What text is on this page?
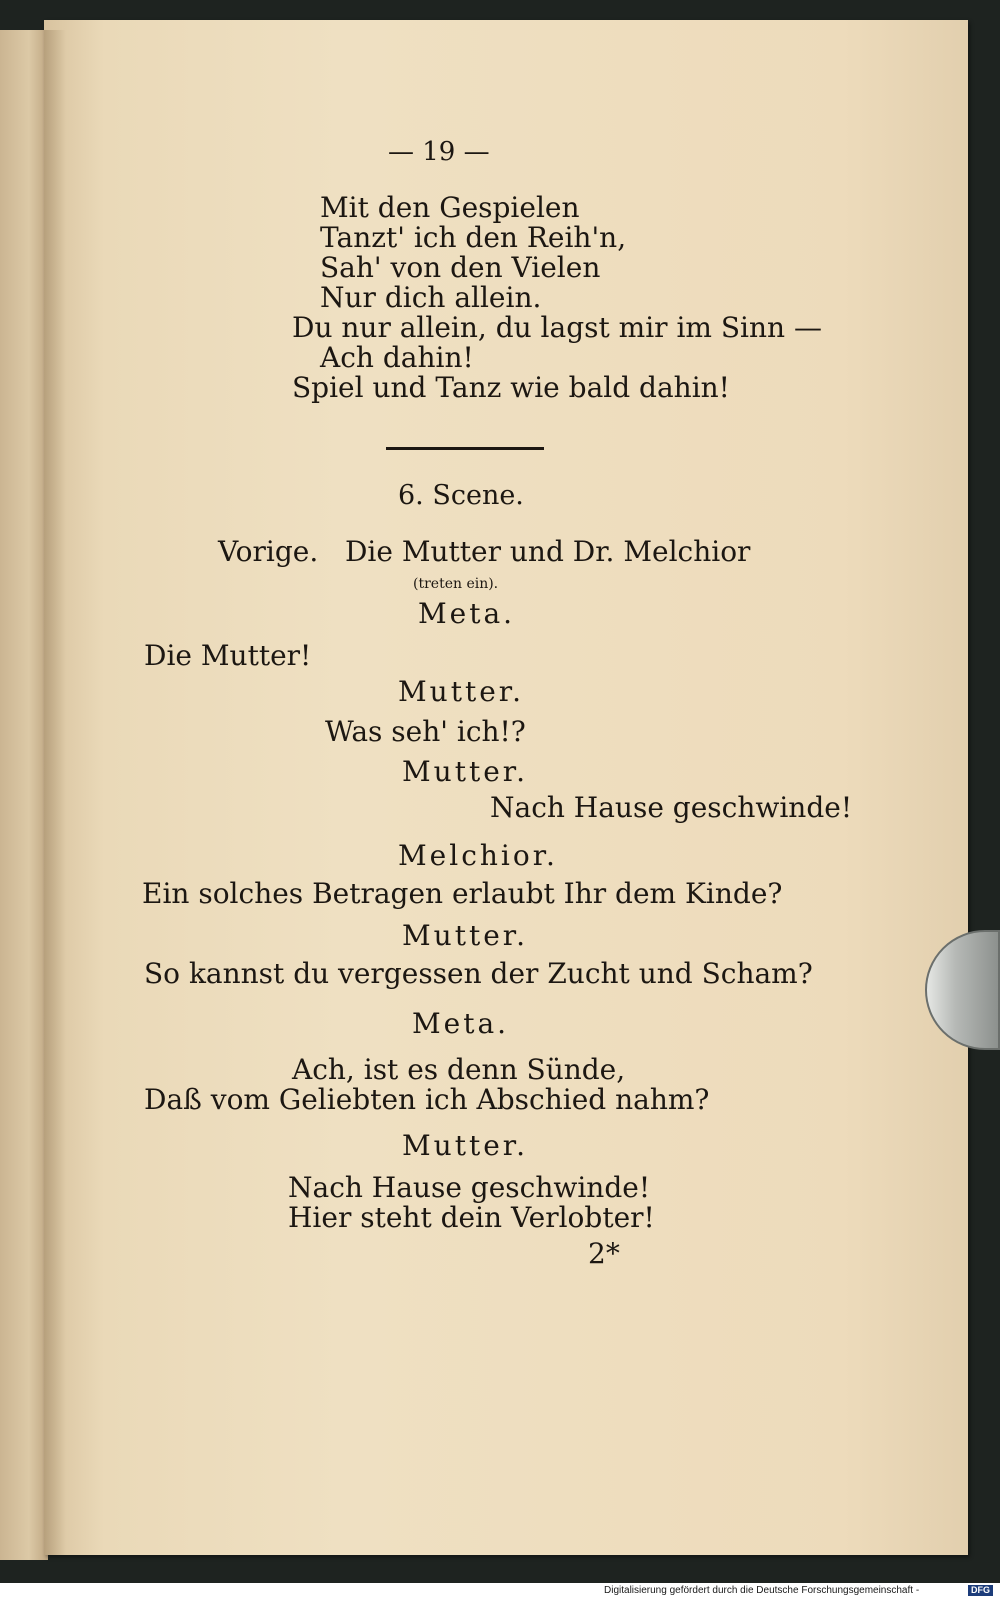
— 19 —
Mit den Gespielen
Tanzt' ich den Reih'n,
Sah' von den Vielen
Nur dich allein.
Du nur allein, du lagst mir im Sinn —
Ach dahin!
Spiel und Tanz wie bald dahin!
6. Scene.
Vorige.   Die Mutter und Dr. Melchior
(treten ein).
Meta.
Die Mutter!
Mutter.
Was seh' ich!?
Mutter.
Nach Hause geschwinde!
Melchior.
Ein solches Betragen erlaubt Ihr dem Kinde?
Mutter.
So kannst du vergessen der Zucht und Scham?
Meta.
Ach, ist es denn Sünde,
Daß vom Geliebten ich Abschied nahm?
Mutter.
Nach Hause geschwinde!
Hier steht dein Verlobter!
2*
Digitalisierung gefördert durch die Deutsche Forschungsgemeinschaft -	DFG
